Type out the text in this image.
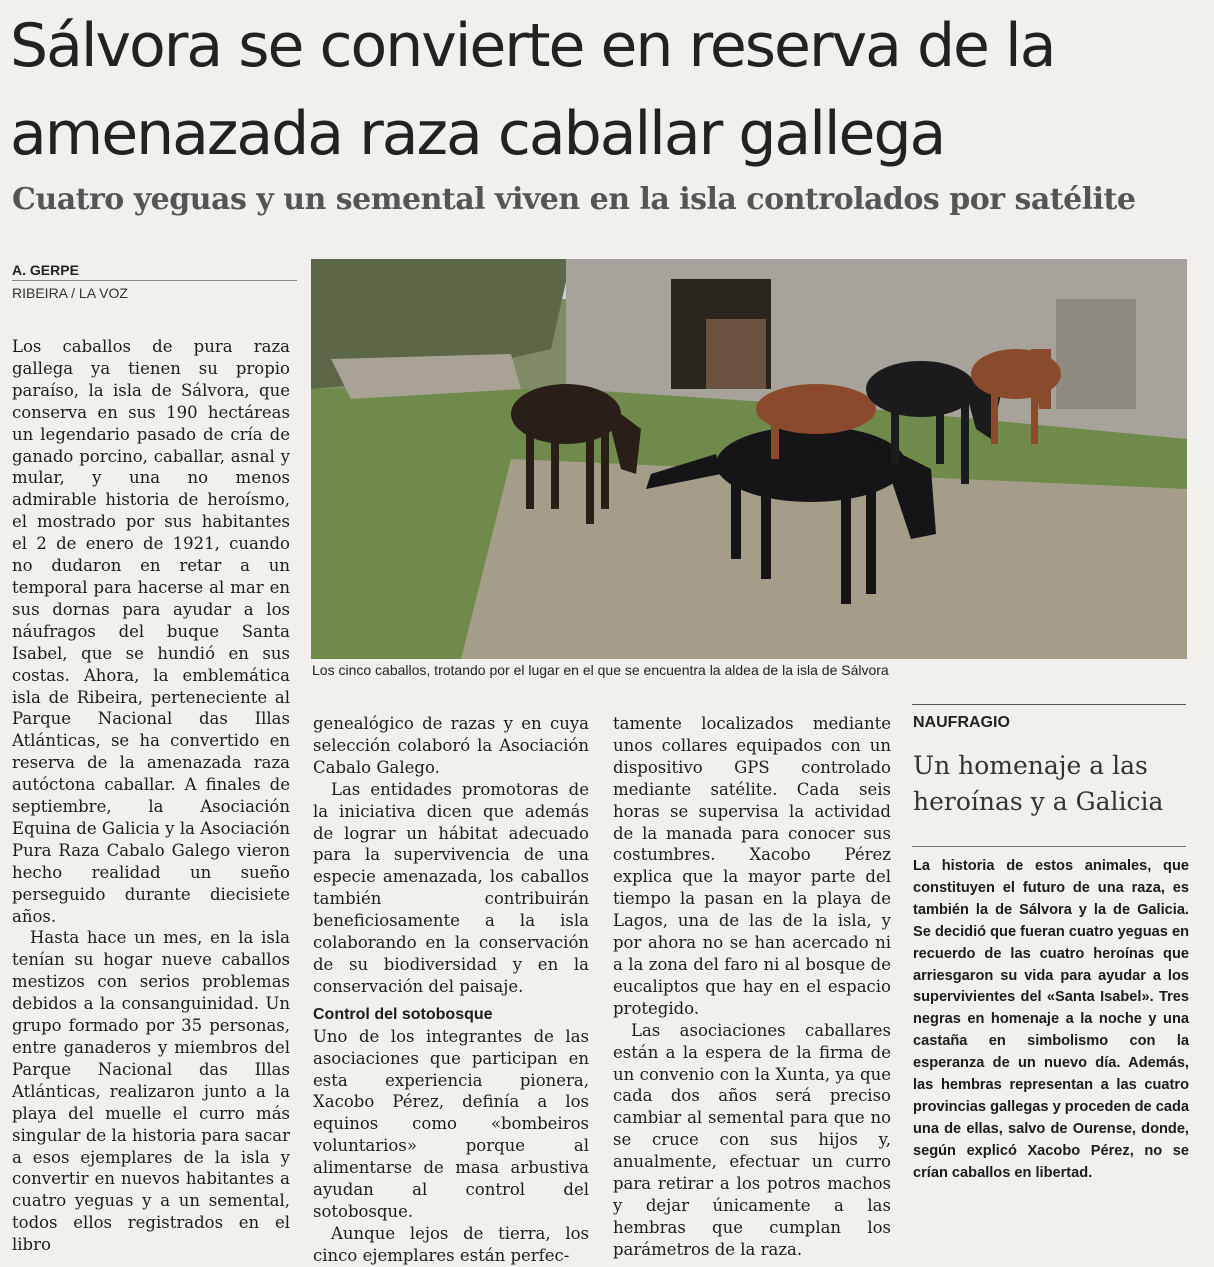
Sálvora se convierte en reserva de la amenazada raza caballar gallega
Cuatro yeguas y un semental viven en la isla controlados por satélite
A. GERPE
RIBEIRA / LA VOZ

Los caballos de pura raza gallega ya tienen su propio paraíso, la isla de Sálvora, que conserva en sus 190 hectáreas un legendario pasado de cría de ganado porcino, caballar, asnal y mular, y una no menos admirable historia de heroísmo, el mostrado por sus habitantes el 2 de enero de 1921, cuando no dudaron en retar a un temporal para hacerse al mar en sus dornas para ayudar a los náufragos del buque Santa Isabel, que se hundió en sus costas. Ahora, la emblemática isla de Ribeira, perteneciente al Parque Nacional das Illas Atlánticas, se ha convertido en reserva de la amenazada raza autóctona caballar. A finales de septiembre, la Asociación Equina de Galicia y la Asociación Pura Raza Cabalo Galego vieron hecho realidad un sueño perseguido durante diecisiete años.

Hasta hace un mes, en la isla tenían su hogar nueve caballos mestizos con serios problemas debidos a la consanguinidad. Un grupo formado por 35 personas, entre ganaderos y miembros del Parque Nacional das Illas Atlánticas, realizaron junto a la playa del muelle el curro más singular de la historia para sacar a esos ejemplares de la isla y convertir en nuevos habitantes a cuatro yeguas y a un semental, todos ellos registrados en el libro

Los cinco caballos, trotando por el lugar en el que se encuentra la aldea de la isla de Sálvora

genealógico de razas y en cuya selección colaboró la Asociación Cabalo Galego.

Las entidades promotoras de la iniciativa dicen que además de lograr un hábitat adecuado para la supervivencia de una especie amenazada, los caballos también contribuirán beneficiosamente a la isla colaborando en la conservación de su biodiversidad y en la conservación del paisaje.

Control del sotobosque

Uno de los integrantes de las asociaciones que participan en esta experiencia pionera, Xacobo Pérez, definía a los equinos como «bombeiros voluntarios» porque al alimentarse de masa arbustiva ayudan al control del sotobosque.

Aunque lejos de tierra, los cinco ejemplares están perfec-

tamente localizados mediante unos collares equipados con un dispositivo GPS controlado mediante satélite. Cada seis horas se supervisa la actividad de la manada para conocer sus costumbres. Xacobo Pérez explica que la mayor parte del tiempo la pasan en la playa de Lagos, una de las de la isla, y por ahora no se han acercado ni a la zona del faro ni al bosque de eucaliptos que hay en el espacio protegido.

Las asociaciones caballares están a la espera de la firma de un convenio con la Xunta, ya que cada dos años será preciso cambiar al semental para que no se cruce con sus hijos y, anualmente, efectuar un curro para retirar a los potros machos y dejar únicamente a las hembras que cumplan los parámetros de la raza.

NAUFRAGIO
Un homenaje a las heroínas y a Galicia
La historia de estos animales, que constituyen el futuro de una raza, es también la de Sálvora y la de Galicia. Se decidió que fueran cuatro yeguas en recuerdo de las cuatro heroínas que arriesgaron su vida para ayudar a los supervivientes del «Santa Isabel». Tres negras en homenaje a la noche y una castaña en simbolismo con la esperanza de un nuevo día. Además, las hembras representan a las cuatro provincias gallegas y proceden de cada una de ellas, salvo de Ourense, donde, según explicó Xacobo Pérez, no se crían caballos en libertad.
